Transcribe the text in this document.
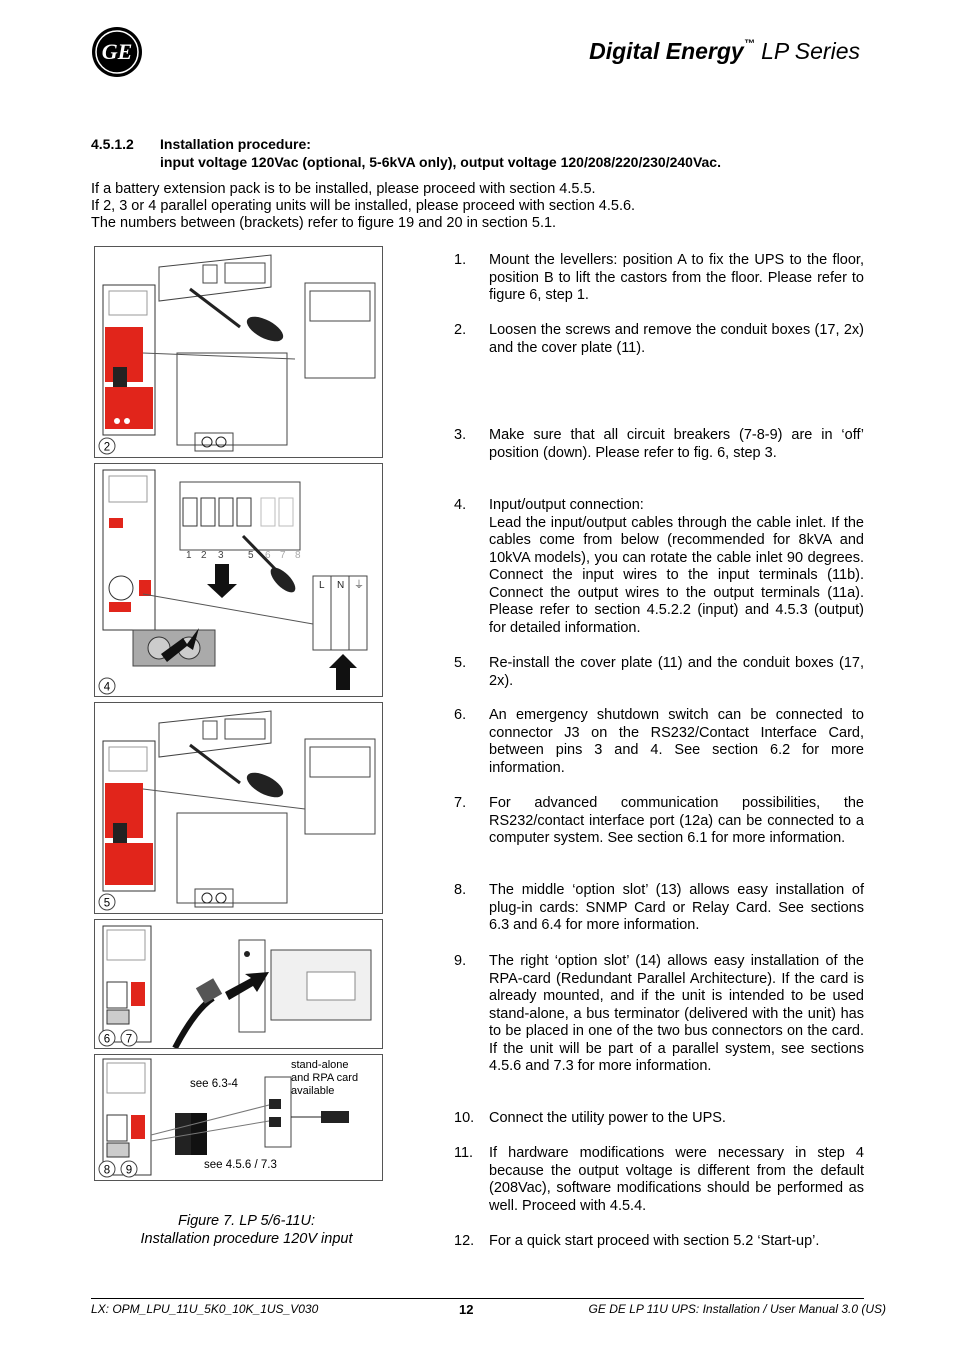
GE	Digital Energy™ LP Series
4.5.1.2 Installation procedure:
input voltage 120Vac (optional, 5-6kVA only), output voltage 120/208/220/230/240Vac.
If a battery extension pack is to be installed, please proceed with section 4.5.5.
If 2, 3 or 4 parallel operating units will be installed, please proceed with section 4.5.6.
The numbers between (brackets) refer to figure 19 and 20 in section 5.1.
2
1 2 3 5 6 7 8
L N ⏚
4
5
6 7
see 6.3-4
see 4.5.6 / 7.3
stand-alone
and RPA card
available
8 9
Figure 7. LP 5/6-11U:
Installation procedure 120V input
1.	Mount the levellers: position A to fix the UPS to the floor, position B to lift the castors from the floor. Please refer to figure 6, step 1.
2.	Loosen the screws and remove the conduit boxes (17, 2x) and the cover plate (11).
3.	Make sure that all circuit breakers (7-8-9) are in ‘off’ position (down). Please refer to fig. 6, step 3.
4.	Input/output connection:
Lead the input/output cables through the cable inlet. If the cables come from below (recommended for 8kVA and 10kVA models), you can rotate the cable inlet 90 degrees. Connect the input wires to the input terminals (11b). Connect the output wires to the output terminals (11a). Please refer to section 4.5.2.2 (input) and 4.5.3 (output) for detailed information.
5.	Re-install the cover plate (11) and the conduit boxes (17, 2x).
6.	An emergency shutdown switch can be connected to connector J3 on the RS232/Contact Interface Card, between pins 3 and 4. See section 6.2 for more information.
7.	For advanced communication possibilities, the RS232/contact interface port (12a) can be connected to a computer system. See section 6.1 for more information.
8.	The middle ‘option slot’ (13) allows easy installation of plug-in cards: SNMP Card or Relay Card. See sections 6.3 and 6.4 for more information.
9.	The right ‘option slot’ (14) allows easy installation of the RPA-card (Redundant Parallel Architecture). If the card is already mounted, and if the unit is intended to be used stand-alone, a bus terminator (delivered with the unit) has to be placed in one of the two bus connectors on the card. If the unit will be part of a parallel system, see sections 4.5.6 and 7.3 for more information.
10.	Connect the utility power to the UPS.
11.	If hardware modifications were necessary in step 4 because the output voltage is different from the default (208Vac), software modifications should be performed as well. Proceed with 4.5.4.
12.	For a quick start proceed with section 5.2 ‘Start-up’.
LX: OPM_LPU_11U_5K0_10K_1US_V030	12	GE DE LP 11U UPS: Installation / User Manual 3.0 (US)
